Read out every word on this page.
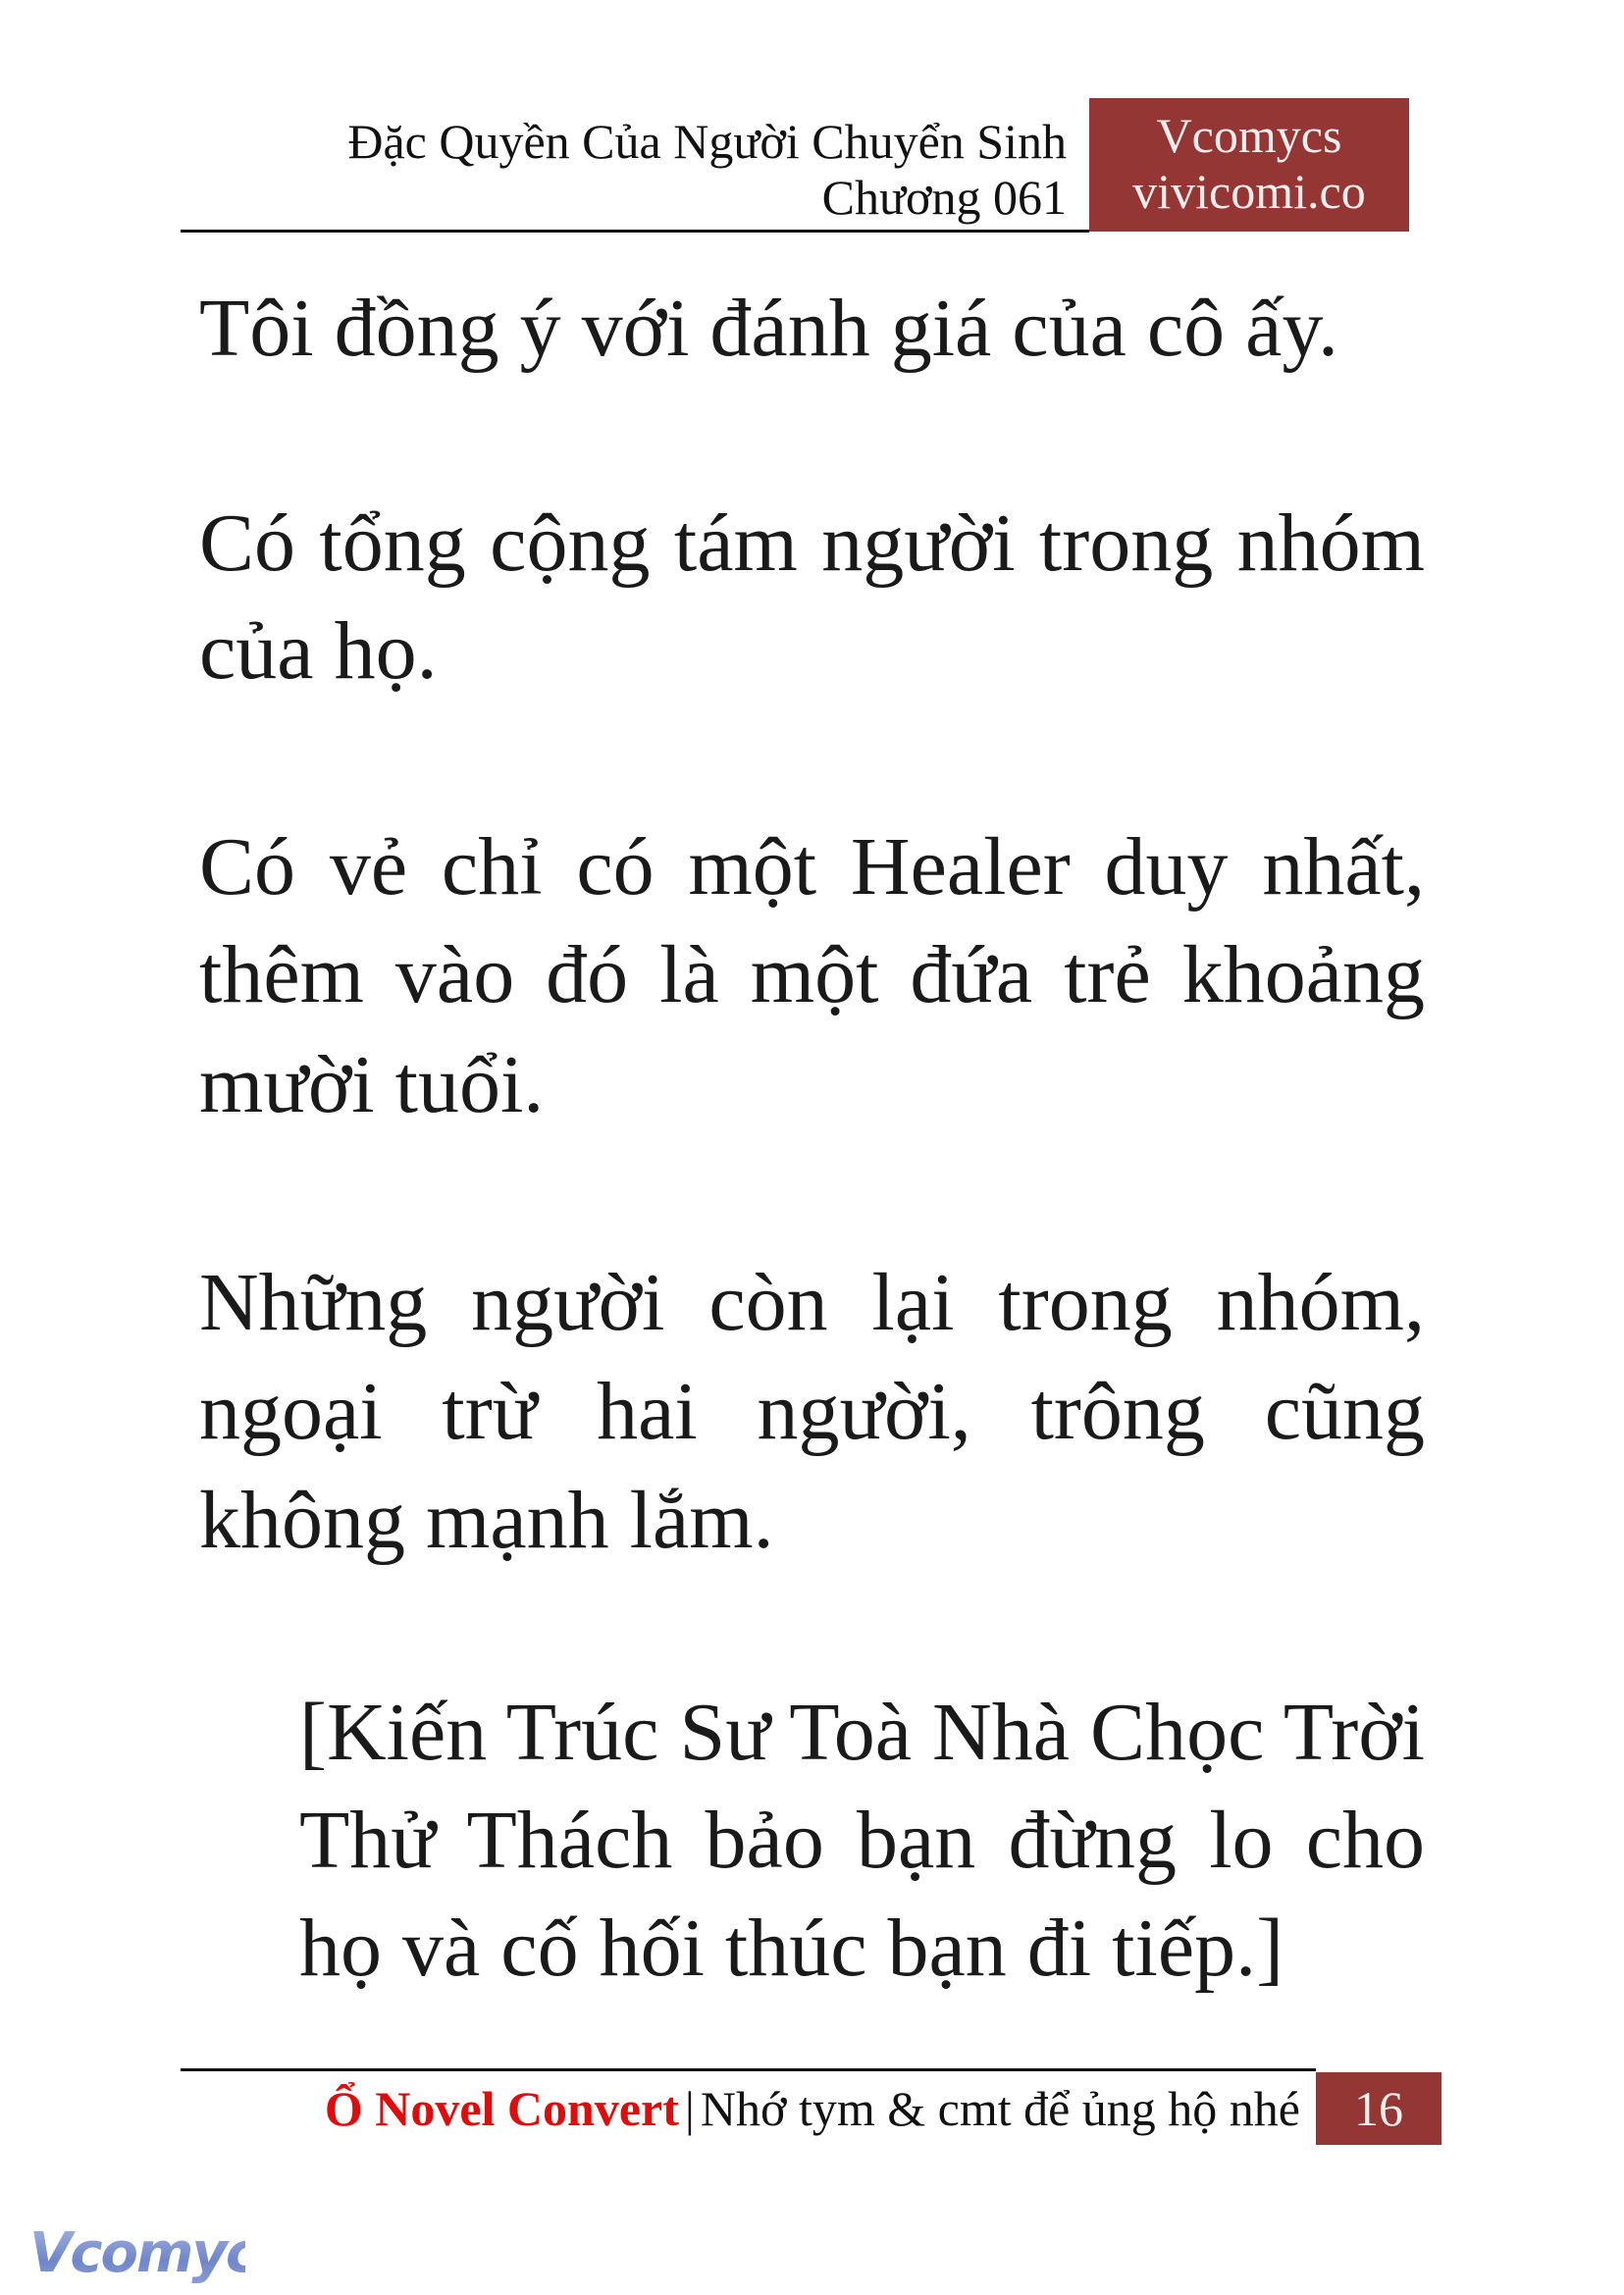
Đặc Quyền Của Người Chuyển Sinh
Chương 061
Vcomycs
vivicomi.co
Tôi đồng ý với đánh giá của cô ấy.
Có tổng cộng tám người trong nhóm
của họ.
Có vẻ chỉ có một Healer duy nhất,
thêm vào đó là một đứa trẻ khoảng
mười tuổi.
Những người còn lại trong nhóm,
ngoại trừ hai người, trông cũng
không mạnh lắm.
[Kiến Trúc Sư Toà Nhà Chọc Trời
Thử Thách bảo bạn đừng lo cho
họ và cố hối thúc bạn đi tiếp.]
Ổ Novel Convert | Nhớ tym & cmt để ủng hộ nhé	16
Vcomycs
